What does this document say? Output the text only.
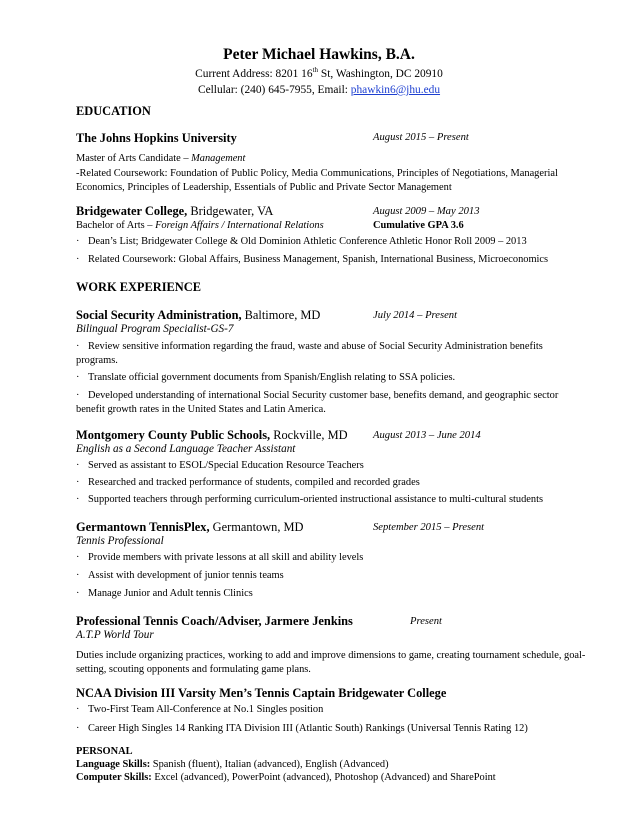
Peter Michael Hawkins, B.A.
Current Address: 8201 16th St, Washington, DC 20910
Cellular: (240) 645-7955, Email: phawkin6@jhu.edu
EDUCATION
The Johns Hopkins University	August 2015 – Present
Master of Arts Candidate – Management
-Related Coursework: Foundation of Public Policy, Media Communications, Principles of Negotiations, Managerial
Economics, Principles of Leadership, Essentials of Public and Private Sector Management
Bridgewater College, Bridgewater, VA	August 2009 – May 2013
Bachelor of Arts – Foreign Affairs / International Relations	Cumulative GPA 3.6
· Dean’s List; Bridgewater College & Old Dominion Athletic Conference Athletic Honor Roll 2009 – 2013
· Related Coursework: Global Affairs, Business Management, Spanish, International Business, Microeconomics
WORK EXPERIENCE
Social Security Administration, Baltimore, MD	July 2014 – Present
Bilingual Program Specialist-GS-7
· Review sensitive information regarding the fraud, waste and abuse of Social Security Administration benefits
programs.
· Translate official government documents from Spanish/English relating to SSA policies.
· Developed understanding of international Social Security customer base, benefits demand, and geographic sector
benefit growth rates in the United States and Latin America.
Montgomery County Public Schools, Rockville, MD August 2013 – June 2014
English as a Second Language Teacher Assistant
· Served as assistant to ESOL/Special Education Resource Teachers
· Researched and tracked performance of students, compiled and recorded grades
· Supported teachers through performing curriculum-oriented instructional assistance to multi-cultural students
Germantown TennisPlex, Germantown, MD	September 2015 – Present
Tennis Professional
· Provide members with private lessons at all skill and ability levels
· Assist with development of junior tennis teams
· Manage Junior and Adult tennis Clinics
Professional Tennis Coach/Adviser, Jarmere Jenkins	Present
A.T.P World Tour
Duties include organizing practices, working to add and improve dimensions to game, creating tournament schedule, goal-
setting, scouting opponents and formulating game plans.
NCAA Division III Varsity Men’s Tennis Captain Bridgewater College
· Two-First Team All-Conference at No.1 Singles position
· Career High Singles 14 Ranking ITA Division III (Atlantic South) Rankings (Universal Tennis Rating 12)
PERSONAL
Language Skills: Spanish (fluent), Italian (advanced), English (Advanced)
Computer Skills: Excel (advanced), PowerPoint (advanced), Photoshop (Advanced) and SharePoint
